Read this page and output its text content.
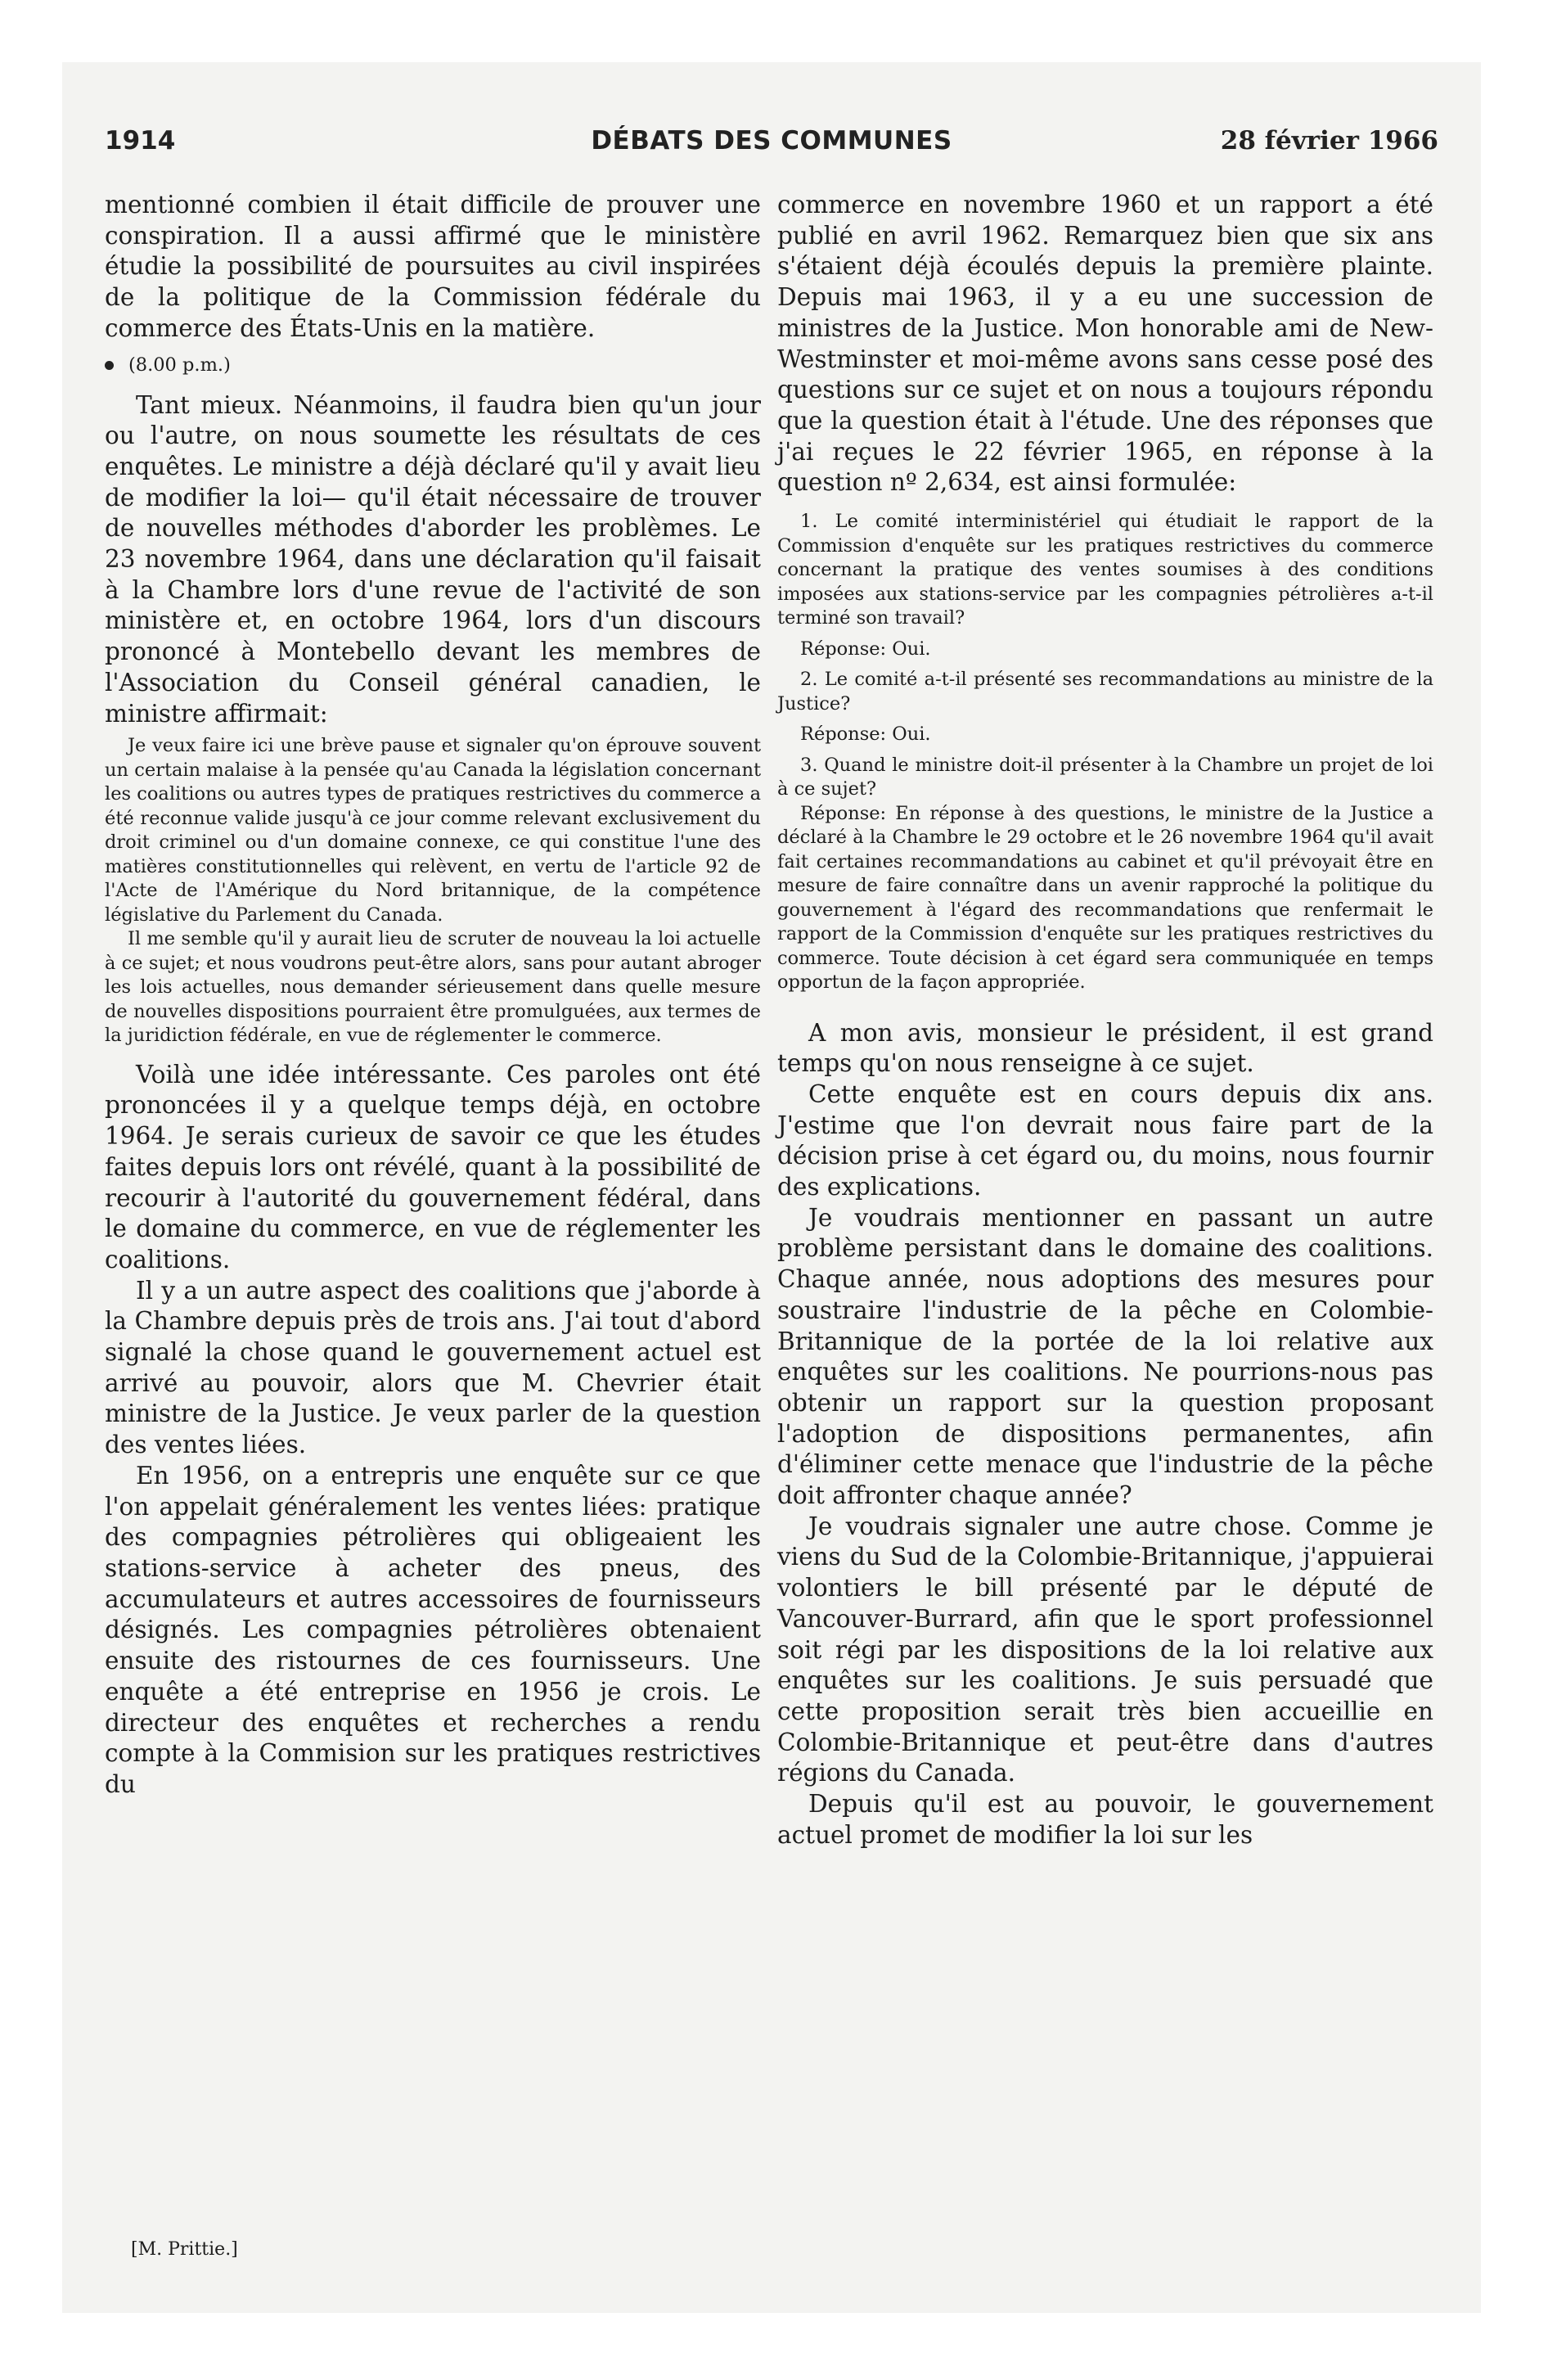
1914	DÉBATS DES COMMUNES	28 février 1966

mentionné combien il était difficile de prouver une conspiration. Il a aussi affirmé que le ministère étudie la possibilité de poursuites au civil inspirées de la politique de la Commission fédérale du commerce des États-Unis en la matière.

(8.00 p.m.)

Tant mieux. Néanmoins, il faudra bien qu'un jour ou l'autre, on nous soumette les résultats de ces enquêtes. Le ministre a déjà déclaré qu'il y avait lieu de modifier la loi— qu'il était nécessaire de trouver de nouvelles méthodes d'aborder les problèmes. Le 23 novembre 1964, dans une déclaration qu'il faisait à la Chambre lors d'une revue de l'activité de son ministère et, en octobre 1964, lors d'un discours prononcé à Montebello devant les membres de l'Association du Conseil général canadien, le ministre affirmait:

Je veux faire ici une brève pause et signaler qu'on éprouve souvent un certain malaise à la pensée qu'au Canada la législation concernant les coalitions ou autres types de pratiques restrictives du commerce a été reconnue valide jusqu'à ce jour comme relevant exclusivement du droit criminel ou d'un domaine connexe, ce qui constitue l'une des matières constitutionnelles qui relèvent, en vertu de l'article 92 de l'Acte de l'Amérique du Nord britannique, de la compétence législative du Parlement du Canada.

Il me semble qu'il y aurait lieu de scruter de nouveau la loi actuelle à ce sujet; et nous voudrons peut-être alors, sans pour autant abroger les lois actuelles, nous demander sérieusement dans quelle mesure de nouvelles dispositions pourraient être promulguées, aux termes de la juridiction fédérale, en vue de réglementer le commerce.

Voilà une idée intéressante. Ces paroles ont été prononcées il y a quelque temps déjà, en octobre 1964. Je serais curieux de savoir ce que les études faites depuis lors ont révélé, quant à la possibilité de recourir à l'autorité du gouvernement fédéral, dans le domaine du commerce, en vue de réglementer les coalitions.

Il y a un autre aspect des coalitions que j'aborde à la Chambre depuis près de trois ans. J'ai tout d'abord signalé la chose quand le gouvernement actuel est arrivé au pouvoir, alors que M. Chevrier était ministre de la Justice. Je veux parler de la question des ventes liées.

En 1956, on a entrepris une enquête sur ce que l'on appelait généralement les ventes liées: pratique des compagnies pétrolières qui obligeaient les stations-service à acheter des pneus, des accumulateurs et autres accessoires de fournisseurs désignés. Les compagnies pétrolières obtenaient ensuite des ristournes de ces fournisseurs. Une enquête a été entreprise en 1956 je crois. Le directeur des enquêtes et recherches a rendu compte à la Commision sur les pratiques restrictives du

commerce en novembre 1960 et un rapport a été publié en avril 1962. Remarquez bien que six ans s'étaient déjà écoulés depuis la première plainte. Depuis mai 1963, il y a eu une succession de ministres de la Justice. Mon honorable ami de New-Westminster et moi-même avons sans cesse posé des questions sur ce sujet et on nous a toujours répondu que la question était à l'étude. Une des réponses que j'ai reçues le 22 février 1965, en réponse à la question nº 2,634, est ainsi formulée:

1. Le comité interministériel qui étudiait le rapport de la Commission d'enquête sur les pratiques restrictives du commerce concernant la pratique des ventes soumises à des conditions imposées aux stations-service par les compagnies pétrolières a-t-il terminé son travail?

Réponse: Oui.

2. Le comité a-t-il présenté ses recommandations au ministre de la Justice?

Réponse: Oui.

3. Quand le ministre doit-il présenter à la Chambre un projet de loi à ce sujet?

Réponse: En réponse à des questions, le ministre de la Justice a déclaré à la Chambre le 29 octobre et le 26 novembre 1964 qu'il avait fait certaines recommandations au cabinet et qu'il prévoyait être en mesure de faire connaître dans un avenir rapproché la politique du gouvernement à l'égard des recommandations que renfermait le rapport de la Commission d'enquête sur les pratiques restrictives du commerce. Toute décision à cet égard sera communiquée en temps opportun de la façon appropriée.

A mon avis, monsieur le président, il est grand temps qu'on nous renseigne à ce sujet.

Cette enquête est en cours depuis dix ans. J'estime que l'on devrait nous faire part de la décision prise à cet égard ou, du moins, nous fournir des explications.

Je voudrais mentionner en passant un autre problème persistant dans le domaine des coalitions. Chaque année, nous adoptions des mesures pour soustraire l'industrie de la pêche en Colombie-Britannique de la portée de la loi relative aux enquêtes sur les coalitions. Ne pourrions-nous pas obtenir un rapport sur la question proposant l'adoption de dispositions permanentes, afin d'éliminer cette menace que l'industrie de la pêche doit affronter chaque année?

Je voudrais signaler une autre chose. Comme je viens du Sud de la Colombie-Britannique, j'appuierai volontiers le bill présenté par le député de Vancouver-Burrard, afin que le sport professionnel soit régi par les dispositions de la loi relative aux enquêtes sur les coalitions. Je suis persuadé que cette proposition serait très bien accueillie en Colombie-Britannique et peut-être dans d'autres régions du Canada.

Depuis qu'il est au pouvoir, le gouvernement actuel promet de modifier la loi sur les

[M. Prittie.]
